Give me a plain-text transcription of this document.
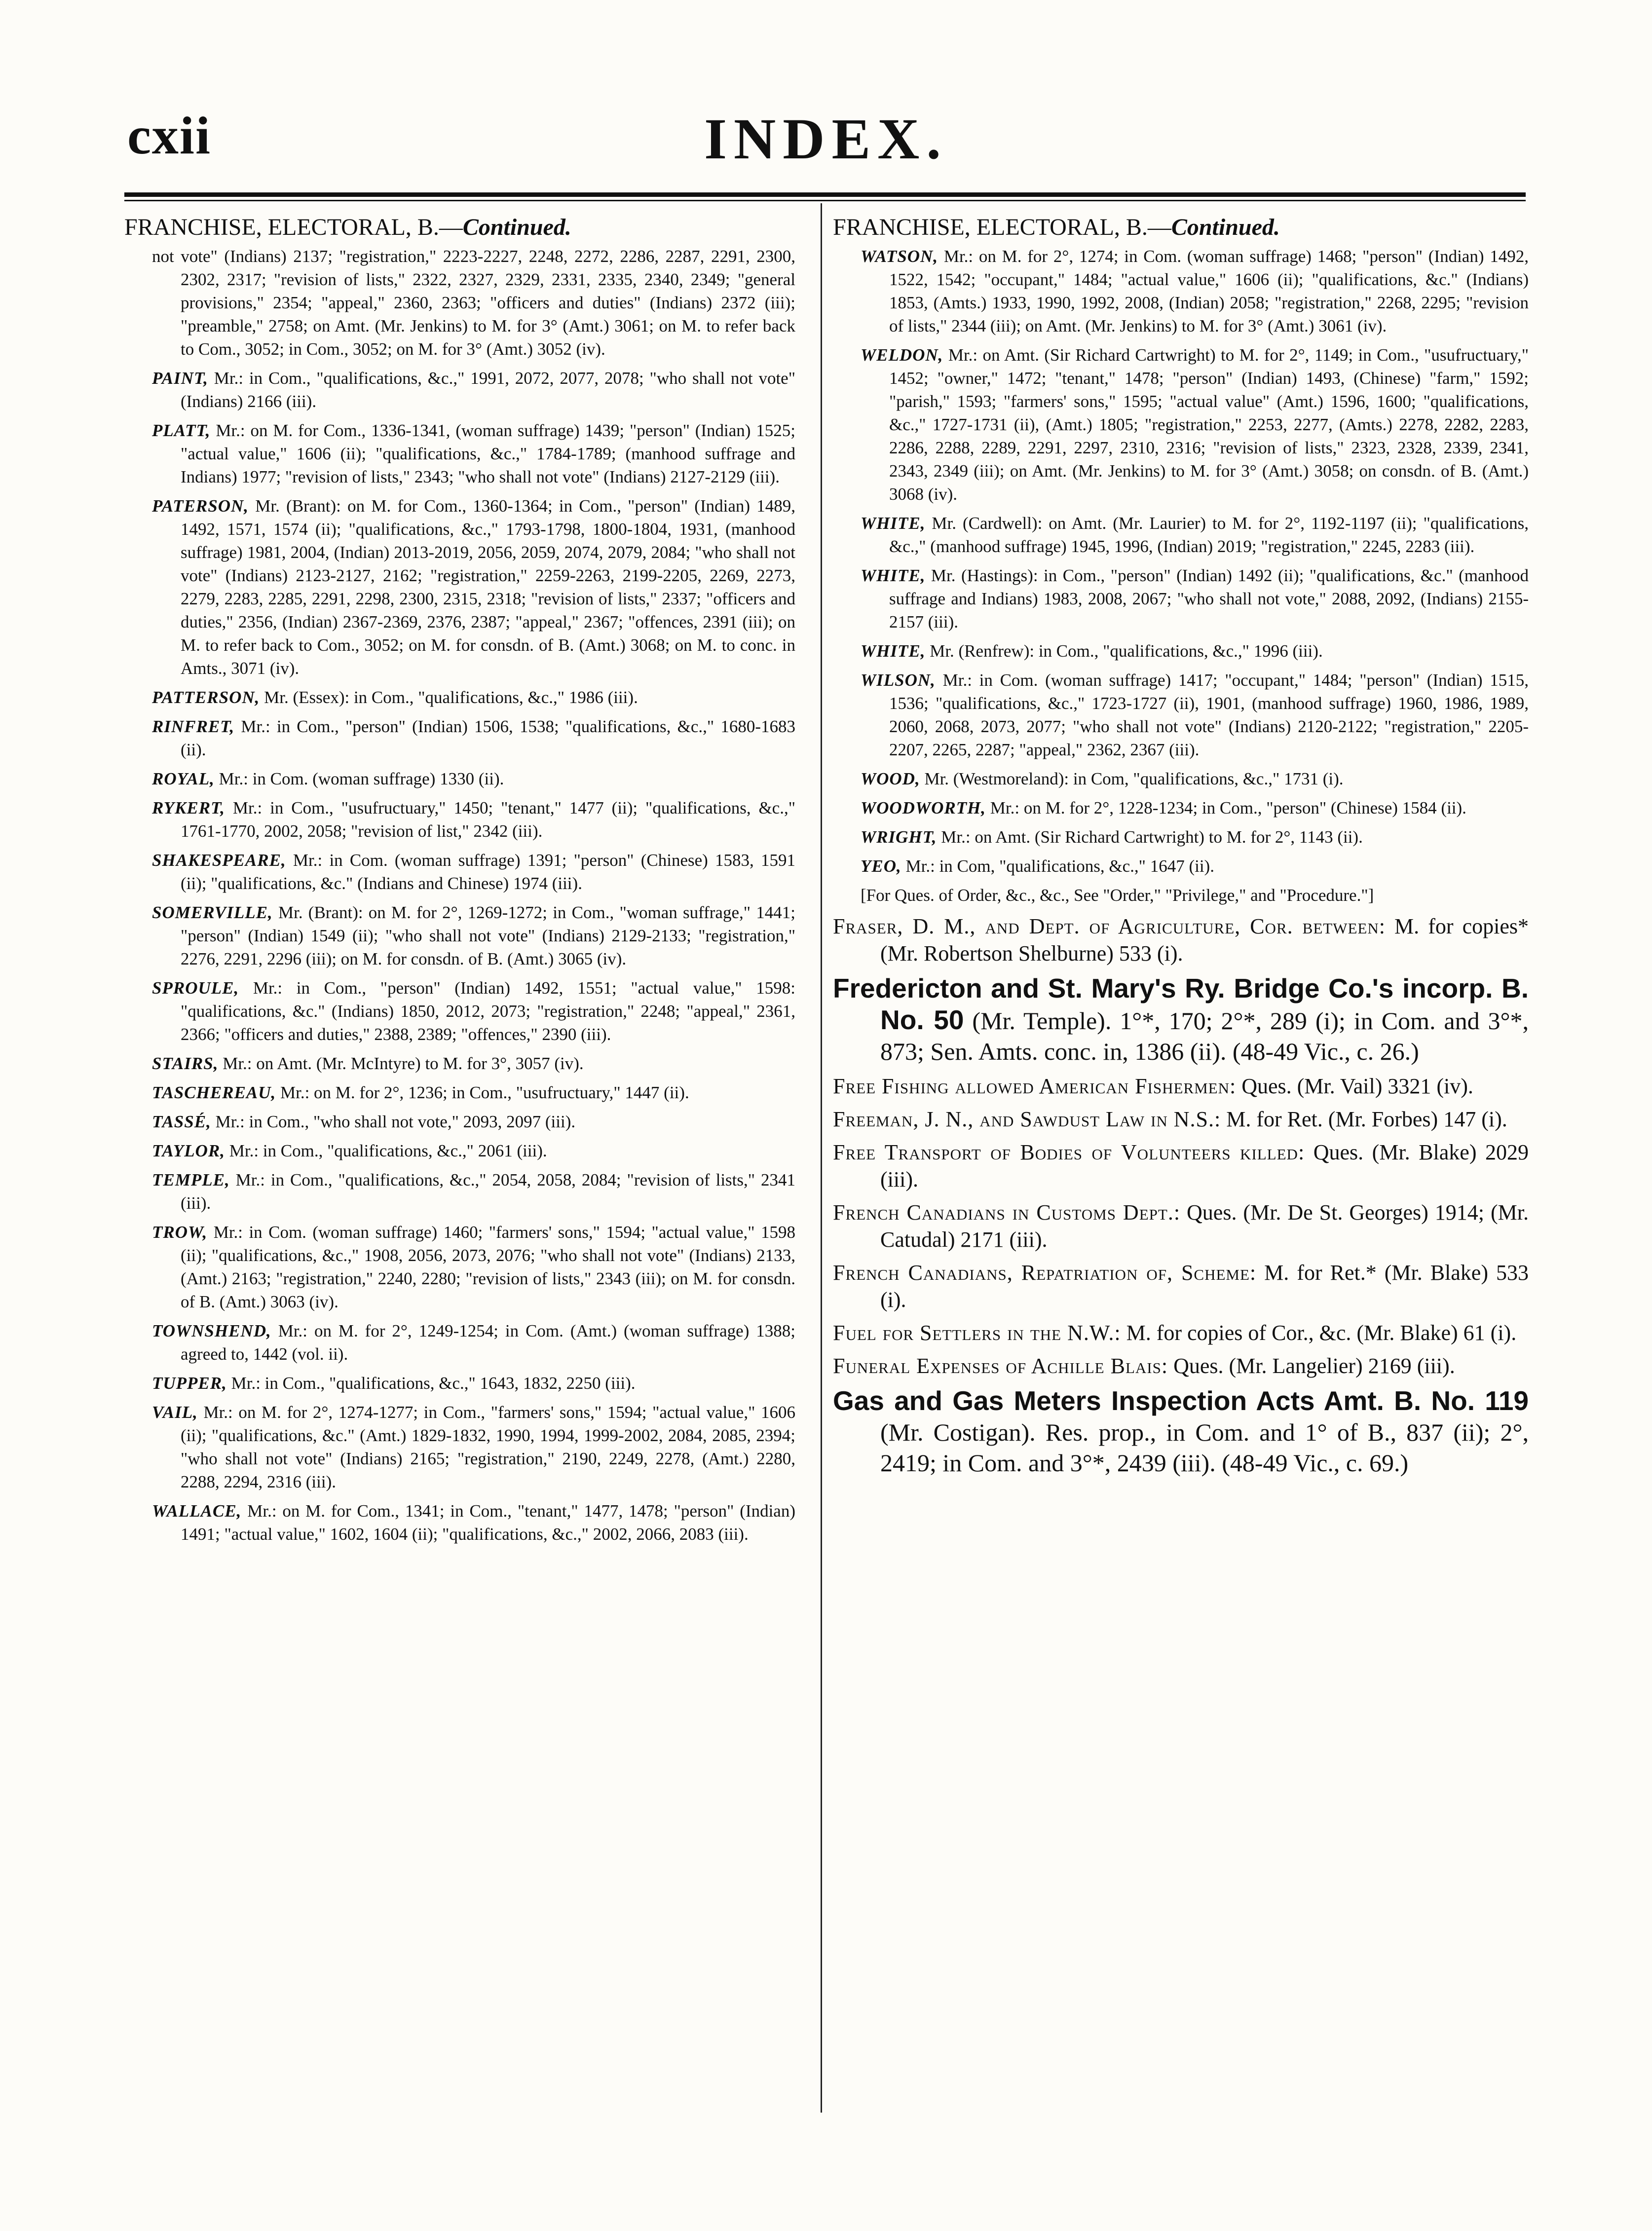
cxii	INDEX.

FRANCHISE, ELECTORAL, B.—Continued.

not vote" (Indians) 2137; "registration," 2223-2227, 2248, 2272, 2286, 2287, 2291, 2300, 2302, 2317; "revision of lists," 2322, 2327, 2329, 2331, 2335, 2340, 2349; "general provisions," 2354; "appeal," 2360, 2363; "officers and duties" (Indians) 2372 (iii); "preamble," 2758; on Amt. (Mr. Jenkins) to M. for 3° (Amt.) 3061; on M. to refer back to Com., 3052; in Com., 3052; on M. for 3° (Amt.) 3052 (iv).

PAINT, Mr.: in Com., "qualifications, &c.," 1991, 2072, 2077, 2078; "who shall not vote" (Indians) 2166 (iii).

PLATT, Mr.: on M. for Com., 1336-1341, (woman suffrage) 1439; "person" (Indian) 1525; "actual value," 1606 (ii); "qualifications, &c.," 1784-1789; (manhood suffrage and Indians) 1977; "revision of lists," 2343; "who shall not vote" (Indians) 2127-2129 (iii).

PATERSON, Mr. (Brant): on M. for Com., 1360-1364; in Com., "person" (Indian) 1489, 1492, 1571, 1574 (ii); "qualifications, &c.," 1793-1798, 1800-1804, 1931, (manhood suffrage) 1981, 2004, (Indian) 2013-2019, 2056, 2059, 2074, 2079, 2084; "who shall not vote" (Indians) 2123-2127, 2162; "registration," 2259-2263, 2199-2205, 2269, 2273, 2279, 2283, 2285, 2291, 2298, 2300, 2315, 2318; "revision of lists," 2337; "officers and duties," 2356, (Indian) 2367-2369, 2376, 2387; "appeal," 2367; "offences, 2391 (iii); on M. to refer back to Com., 3052; on M. for consdn. of B. (Amt.) 3068; on M. to conc. in Amts., 3071 (iv).

PATTERSON, Mr. (Essex): in Com., "qualifications, &c.," 1986 (iii).

RINFRET, Mr.: in Com., "person" (Indian) 1506, 1538; "qualifications, &c.," 1680-1683 (ii).

ROYAL, Mr.: in Com. (woman suffrage) 1330 (ii).

RYKERT, Mr.: in Com., "usufructuary," 1450; "tenant," 1477 (ii); "qualifications, &c.," 1761-1770, 2002, 2058; "revision of list," 2342 (iii).

SHAKESPEARE, Mr.: in Com. (woman suffrage) 1391; "person" (Chinese) 1583, 1591 (ii); "qualifications, &c." (Indians and Chinese) 1974 (iii).

SOMERVILLE, Mr. (Brant): on M. for 2°, 1269-1272; in Com., "woman suffrage," 1441; "person" (Indian) 1549 (ii); "who shall not vote" (Indians) 2129-2133; "registration," 2276, 2291, 2296 (iii); on M. for consdn. of B. (Amt.) 3065 (iv).

SPROULE, Mr.: in Com., "person" (Indian) 1492, 1551; "actual value," 1598: "qualifications, &c." (Indians) 1850, 2012, 2073; "registration," 2248; "appeal," 2361, 2366; "officers and duties," 2388, 2389; "offences," 2390 (iii).

STAIRS, Mr.: on Amt. (Mr. McIntyre) to M. for 3°, 3057 (iv).

TASCHEREAU, Mr.: on M. for 2°, 1236; in Com., "usufructuary," 1447 (ii).

TASSÉ, Mr.: in Com., "who shall not vote," 2093, 2097 (iii).

TAYLOR, Mr.: in Com., "qualifications, &c.," 2061 (iii).

TEMPLE, Mr.: in Com., "qualifications, &c.," 2054, 2058, 2084; "revision of lists," 2341 (iii).

TROW, Mr.: in Com. (woman suffrage) 1460; "farmers' sons," 1594; "actual value," 1598 (ii); "qualifications, &c.," 1908, 2056, 2073, 2076; "who shall not vote" (Indians) 2133, (Amt.) 2163; "registration," 2240, 2280; "revision of lists," 2343 (iii); on M. for consdn. of B. (Amt.) 3063 (iv).

TOWNSHEND, Mr.: on M. for 2°, 1249-1254; in Com. (Amt.) (woman suffrage) 1388; agreed to, 1442 (vol. ii).

TUPPER, Mr.: in Com., "qualifications, &c.," 1643, 1832, 2250 (iii).

VAIL, Mr.: on M. for 2°, 1274-1277; in Com., "farmers' sons," 1594; "actual value," 1606 (ii); "qualifications, &c." (Amt.) 1829-1832, 1990, 1994, 1999-2002, 2084, 2085, 2394; "who shall not vote" (Indians) 2165; "registration," 2190, 2249, 2278, (Amt.) 2280, 2288, 2294, 2316 (iii).

WALLACE, Mr.: on M. for Com., 1341; in Com., "tenant," 1477, 1478; "person" (Indian) 1491; "actual value," 1602, 1604 (ii); "qualifications, &c.," 2002, 2066, 2083 (iii).

FRANCHISE, ELECTORAL, B.—Continued.

WATSON, Mr.: on M. for 2°, 1274; in Com. (woman suffrage) 1468; "person" (Indian) 1492, 1522, 1542; "occupant," 1484; "actual value," 1606 (ii); "qualifications, &c." (Indians) 1853, (Amts.) 1933, 1990, 1992, 2008, (Indian) 2058; "registration," 2268, 2295; "revision of lists," 2344 (iii); on Amt. (Mr. Jenkins) to M. for 3° (Amt.) 3061 (iv).

WELDON, Mr.: on Amt. (Sir Richard Cartwright) to M. for 2°, 1149; in Com., "usufructuary," 1452; "owner," 1472; "tenant," 1478; "person" (Indian) 1493, (Chinese) "farm," 1592; "parish," 1593; "farmers' sons," 1595; "actual value" (Amt.) 1596, 1600; "qualifications, &c.," 1727-1731 (ii), (Amt.) 1805; "registration," 2253, 2277, (Amts.) 2278, 2282, 2283, 2286, 2288, 2289, 2291, 2297, 2310, 2316; "revision of lists," 2323, 2328, 2339, 2341, 2343, 2349 (iii); on Amt. (Mr. Jenkins) to M. for 3° (Amt.) 3058; on consdn. of B. (Amt.) 3068 (iv).

WHITE, Mr. (Cardwell): on Amt. (Mr. Laurier) to M. for 2°, 1192-1197 (ii); "qualifications, &c.," (manhood suffrage) 1945, 1996, (Indian) 2019; "registration," 2245, 2283 (iii).

WHITE, Mr. (Hastings): in Com., "person" (Indian) 1492 (ii); "qualifications, &c." (manhood suffrage and Indians) 1983, 2008, 2067; "who shall not vote," 2088, 2092, (Indians) 2155-2157 (iii).

WHITE, Mr. (Renfrew): in Com., "qualifications, &c.," 1996 (iii).

WILSON, Mr.: in Com. (woman suffrage) 1417; "occupant," 1484; "person" (Indian) 1515, 1536; "qualifications, &c.," 1723-1727 (ii), 1901, (manhood suffrage) 1960, 1986, 1989, 2060, 2068, 2073, 2077; "who shall not vote" (Indians) 2120-2122; "registration," 2205-2207, 2265, 2287; "appeal," 2362, 2367 (iii).

WOOD, Mr. (Westmoreland): in Com, "qualifications, &c.," 1731 (i).

WOODWORTH, Mr.: on M. for 2°, 1228-1234; in Com., "person" (Chinese) 1584 (ii).

WRIGHT, Mr.: on Amt. (Sir Richard Cartwright) to M. for 2°, 1143 (ii).

YEO, Mr.: in Com, "qualifications, &c.," 1647 (ii).

[For Ques. of Order, &c., &c., See "Order," "Privilege," and "Procedure."]

Fraser, D. M., and Dept. of Agriculture, Cor. between: M. for copies* (Mr. Robertson Shelburne) 533 (i).

Fredericton and St. Mary's Ry. Bridge Co.'s incorp. B. No. 50 (Mr. Temple). 1°*, 170; 2°*, 289 (i); in Com. and 3°*, 873; Sen. Amts. conc. in, 1386 (ii). (48-49 Vic., c. 26.)

Free Fishing allowed American Fishermen: Ques. (Mr. Vail) 3321 (iv).

Freeman, J. N., and Sawdust Law in N.S.: M. for Ret. (Mr. Forbes) 147 (i).

Free Transport of Bodies of Volunteers killed: Ques. (Mr. Blake) 2029 (iii).

French Canadians in Customs Dept.: Ques. (Mr. De St. Georges) 1914; (Mr. Catudal) 2171 (iii).

French Canadians, Repatriation of, Scheme: M. for Ret.* (Mr. Blake) 533 (i).

Fuel for Settlers in the N.W.: M. for copies of Cor., &c. (Mr. Blake) 61 (i).

Funeral Expenses of Achille Blais: Ques. (Mr. Langelier) 2169 (iii).

Gas and Gas Meters Inspection Acts Amt. B. No. 119 (Mr. Costigan). Res. prop., in Com. and 1° of B., 837 (ii); 2°, 2419; in Com. and 3°*, 2439 (iii). (48-49 Vic., c. 69.)
